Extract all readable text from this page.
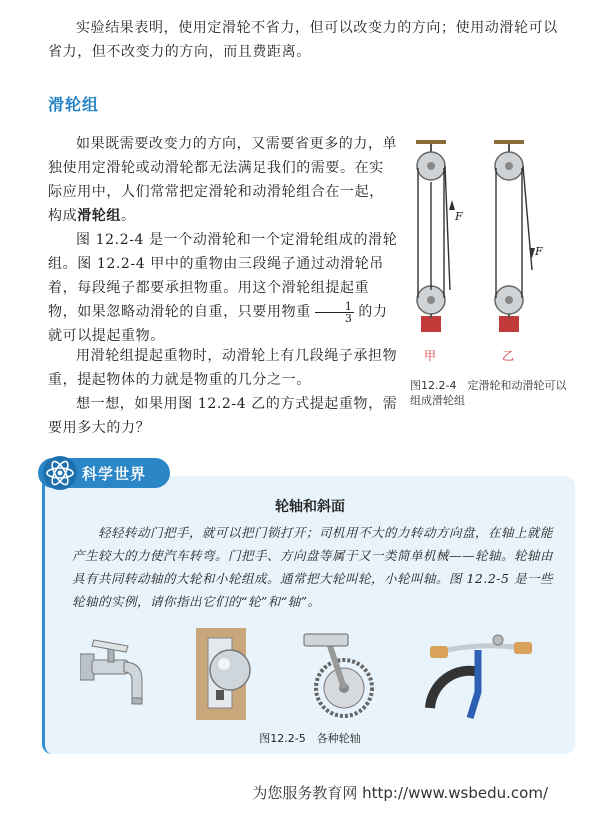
实验结果表明，使用定滑轮不省力，但可以改变力的方向；使用动滑轮可以省力，但不改变力的方向，而且费距离。

滑轮组

如果既需要改变力的方向，又需要省更多的力，单独使用定滑轮或动滑轮都无法满足我们的需要。在实际应用中，人们常常把定滑轮和动滑轮组合在一起，构成滑轮组。

图 12.2-4 是一个动滑轮和一个定滑轮组成的滑轮组。图 12.2-4 甲中的重物由三段绳子通过动滑轮吊着，每段绳子都要承担物重。用这个滑轮组提起重物，如果忽略动滑轮的自重，只要用物重 $\frac{1}{3}$ 的力就可以提起重物。

用滑轮组提起重物时，动滑轮上有几段绳子承担物重，提起物体的力就是物重的几分之一。

想一想，如果用图 12.2-4 乙的方式提起重物，需要用多大的力？

F
甲
F
乙
图12.2-4　定滑轮和动滑轮可以组成滑轮组
科学世界
轮轴和斜面

轻轻转动门把手，就可以把门锁打开；司机用不大的力转动方向盘，在轴上就能产生较大的力使汽车转弯。门把手、方向盘等属于又一类简单机械——轮轴。轮轴由具有共同转动轴的大轮和小轮组成。通常把大轮叫轮，小轮叫轴。图 12.2-5 是一些轮轴的实例，请你指出它们的“轮”和“轴”。

图12.2-5　各种轮轴
为您服务教育网 http://www.wsbedu.com/
